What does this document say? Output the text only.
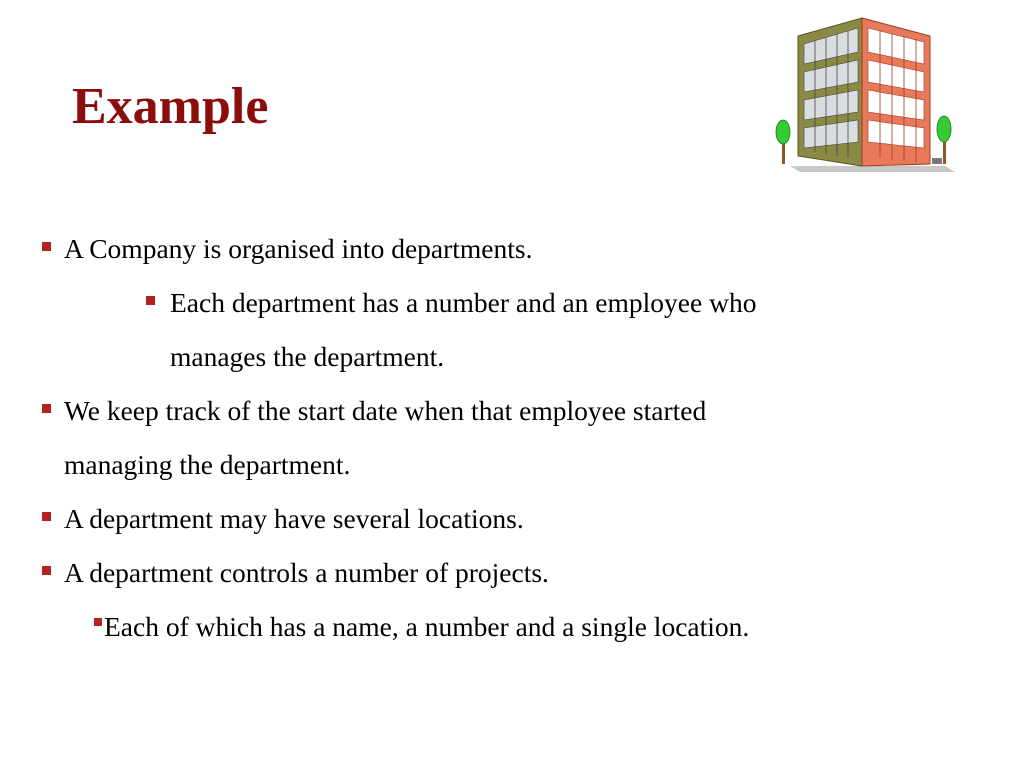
Example
A Company is organised into departments.
Each department has a number and an employee who
manages the department.
We keep track of the start date when that employee started
managing the department.
A department may have several locations.
A department controls a number of projects.
Each of which has a name, a number and a single location.
